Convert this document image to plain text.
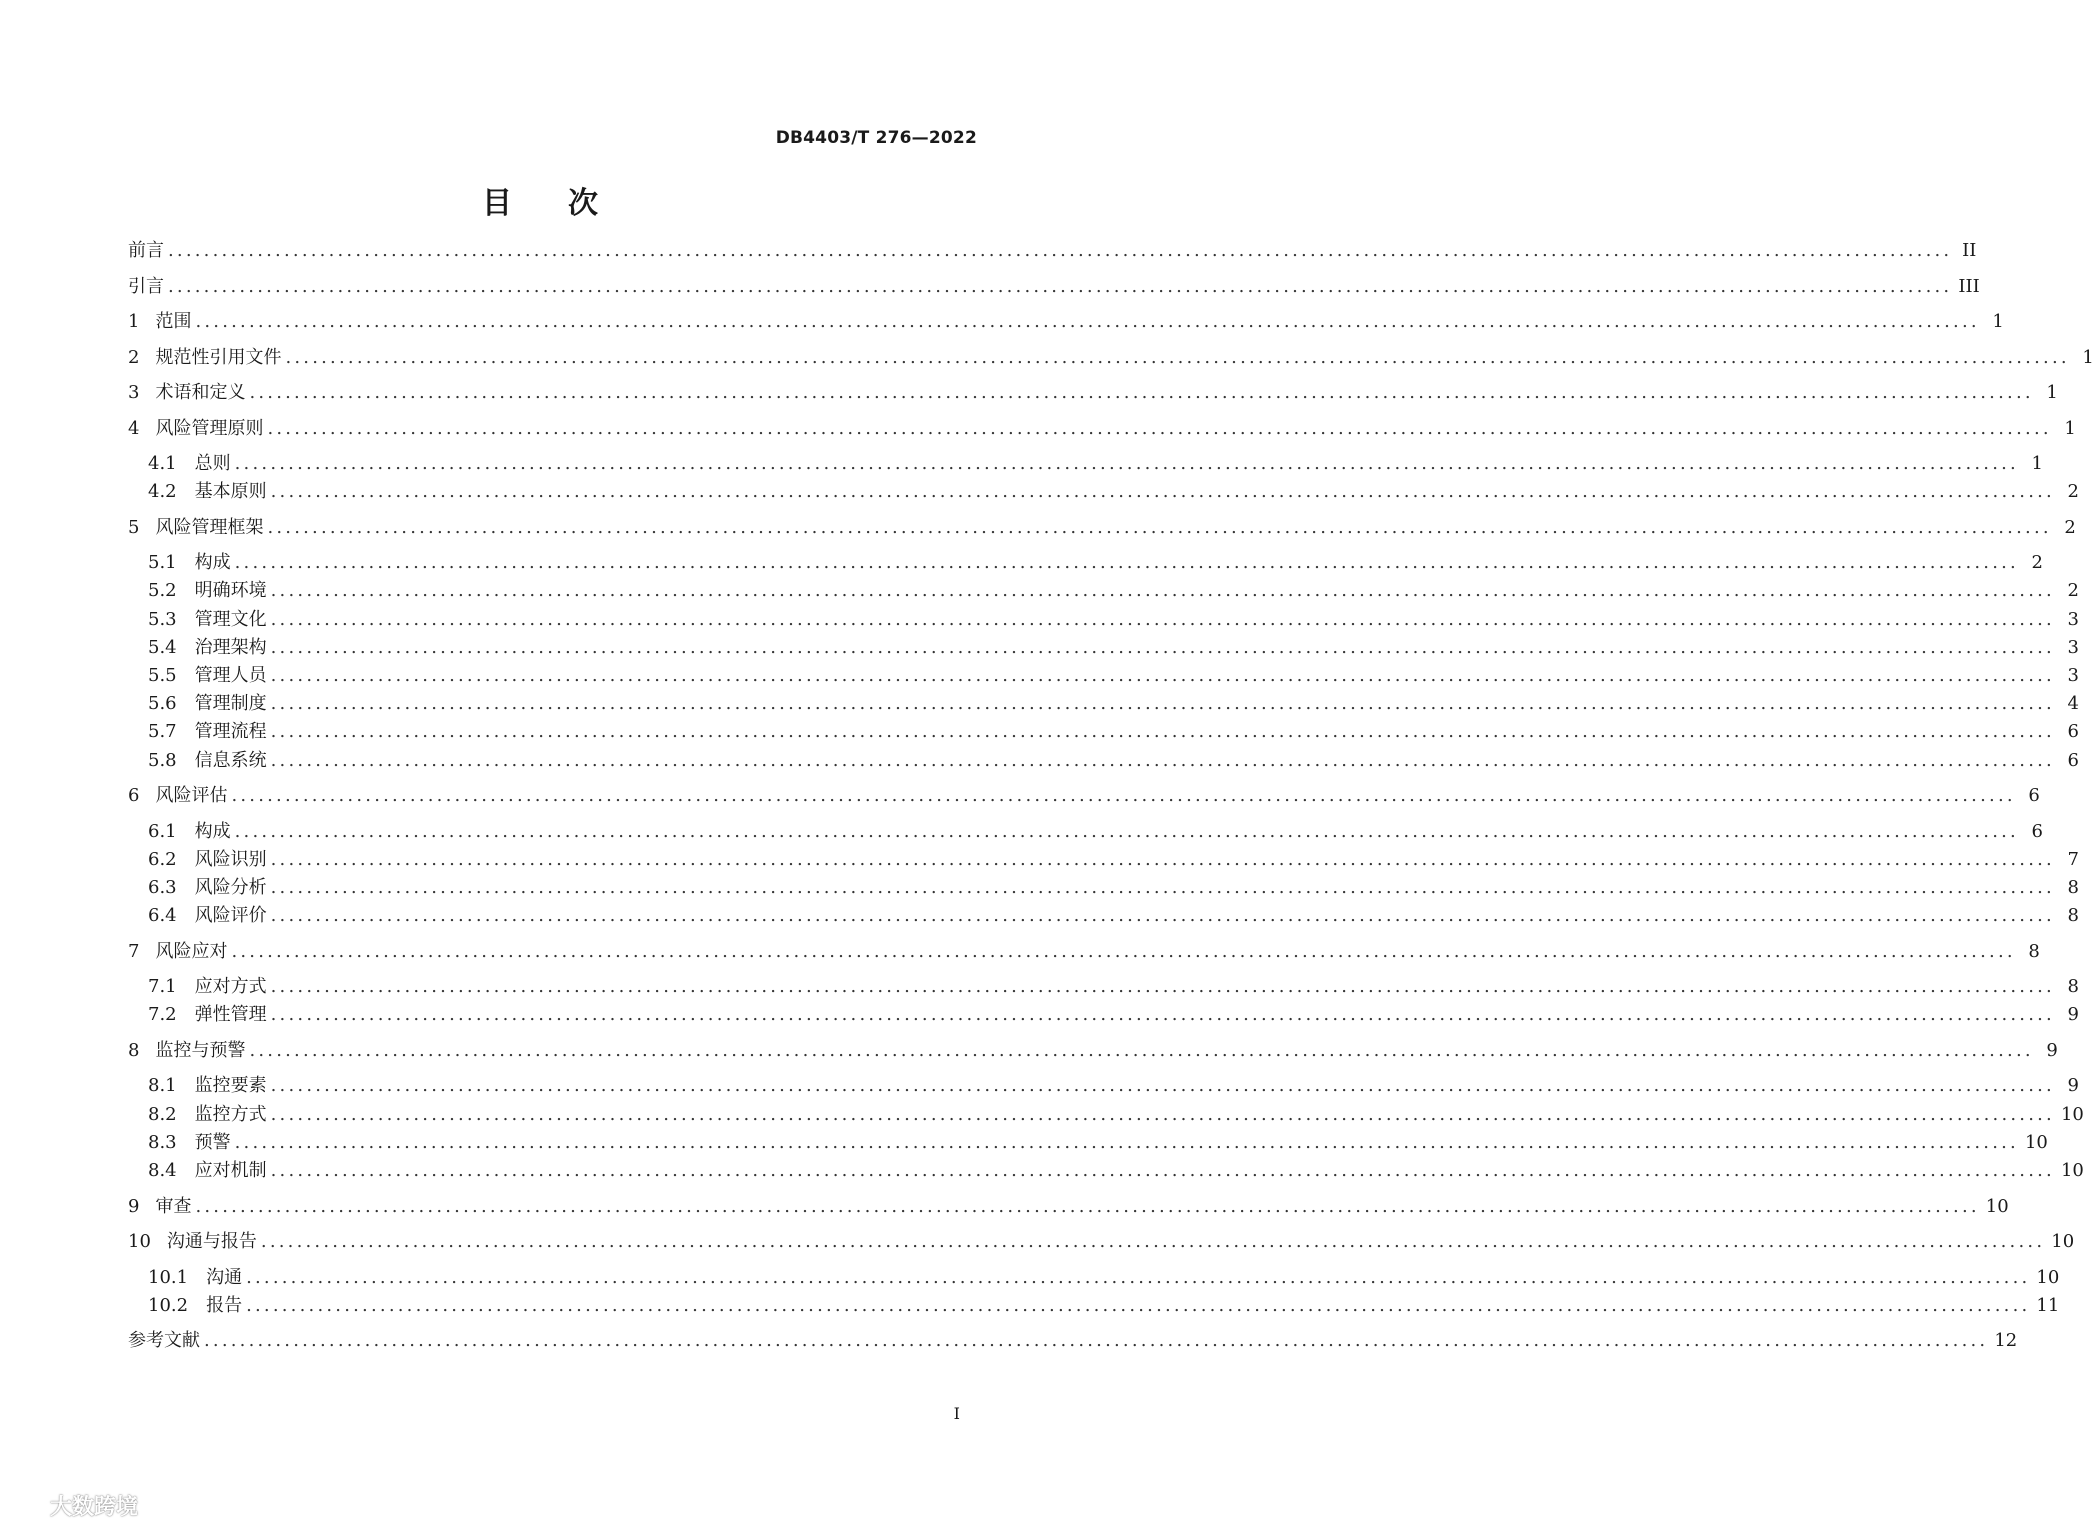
DB4403/T 276—2022
目次
前言 ........................................................................................................................................................................................................ II
引言 ........................................................................................................................................................................................................ III
1 范围 ........................................................................................................................................................................................................ 1
2 规范性引用文件 ........................................................................................................................................................................................................ 1
3 术语和定义 ........................................................................................................................................................................................................ 1
4 风险管理原则 ........................................................................................................................................................................................................ 1
4.1 总则 ........................................................................................................................................................................................................ 1
4.2 基本原则 ........................................................................................................................................................................................................ 2
5 风险管理框架 ........................................................................................................................................................................................................ 2
5.1 构成 ........................................................................................................................................................................................................ 2
5.2 明确环境 ........................................................................................................................................................................................................ 2
5.3 管理文化 ........................................................................................................................................................................................................ 3
5.4 治理架构 ........................................................................................................................................................................................................ 3
5.5 管理人员 ........................................................................................................................................................................................................ 3
5.6 管理制度 ........................................................................................................................................................................................................ 4
5.7 管理流程 ........................................................................................................................................................................................................ 6
5.8 信息系统 ........................................................................................................................................................................................................ 6
6 风险评估 ........................................................................................................................................................................................................ 6
6.1 构成 ........................................................................................................................................................................................................ 6
6.2 风险识别 ........................................................................................................................................................................................................ 7
6.3 风险分析 ........................................................................................................................................................................................................ 8
6.4 风险评价 ........................................................................................................................................................................................................ 8
7 风险应对 ........................................................................................................................................................................................................ 8
7.1 应对方式 ........................................................................................................................................................................................................ 8
7.2 弹性管理 ........................................................................................................................................................................................................ 9
8 监控与预警 ........................................................................................................................................................................................................ 9
8.1 监控要素 ........................................................................................................................................................................................................ 9
8.2 监控方式 ........................................................................................................................................................................................................ 10
8.3 预警 ........................................................................................................................................................................................................ 10
8.4 应对机制 ........................................................................................................................................................................................................ 10
9 审查 ........................................................................................................................................................................................................ 10
10 沟通与报告 ........................................................................................................................................................................................................ 10
10.1 沟通 ........................................................................................................................................................................................................ 10
10.2 报告 ........................................................................................................................................................................................................ 11
参考文献 ........................................................................................................................................................................................................ 12
I
大数跨境
